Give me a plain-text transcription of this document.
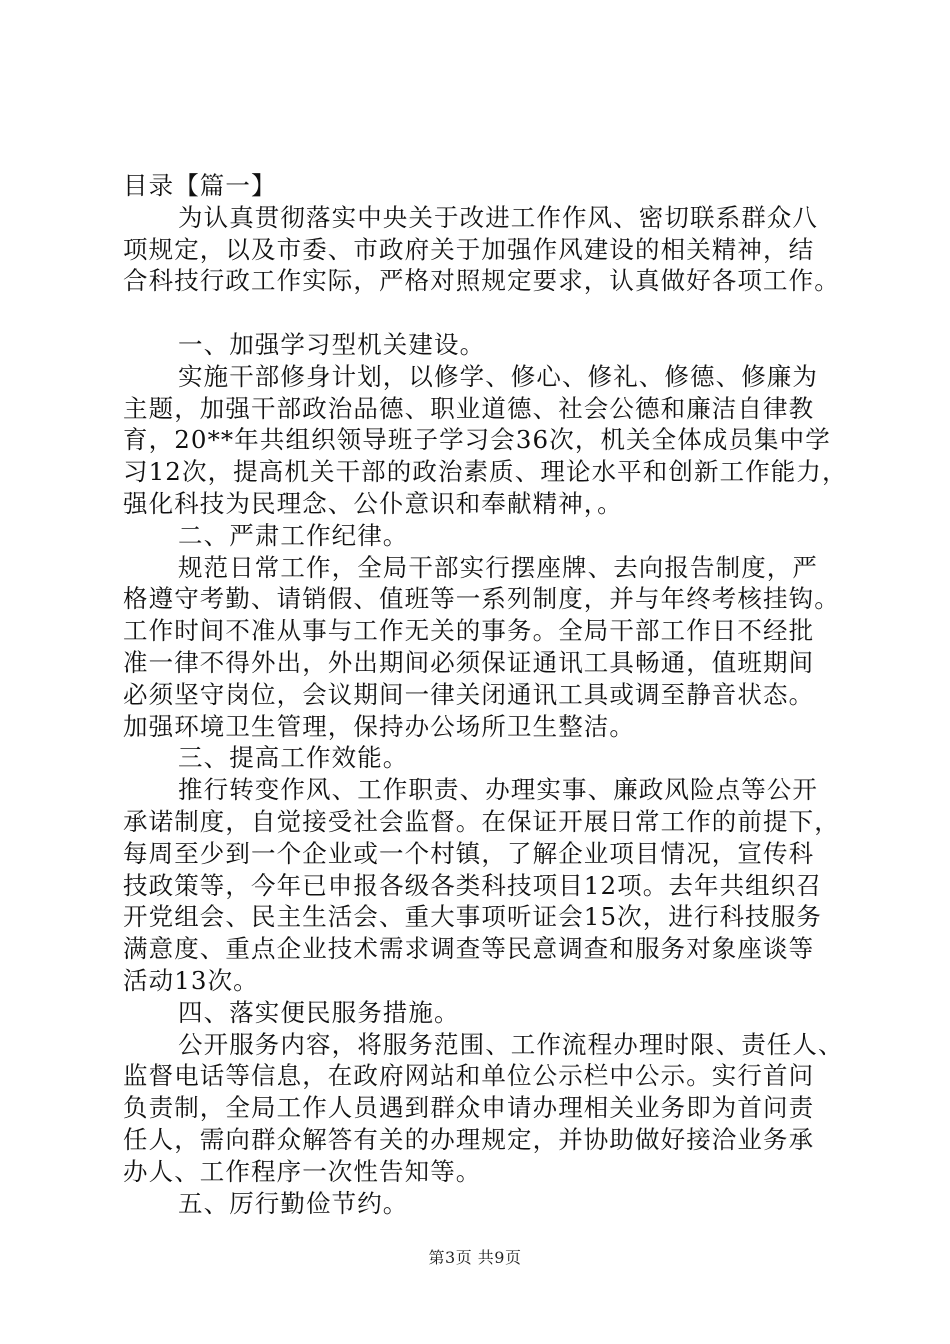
目录【篇一】
为认真贯彻落实中央关于改进工作作风、密切联系群众八
项规定，以及市委、市政府关于加强作风建设的相关精神，结
合科技行政工作实际，严格对照规定要求，认真做好各项工作。
一、加强学习型机关建设。
实施干部修身计划，以修学、修心、修礼、修德、修廉为
主题，加强干部政治品德、职业道德、社会公德和廉洁自律教
育，20**年共组织领导班子学习会36次，机关全体成员集中学
习12次，提高机关干部的政治素质、理论水平和创新工作能力，
强化科技为民理念、公仆意识和奉献精神，。
二、严肃工作纪律。
规范日常工作，全局干部实行摆座牌、去向报告制度，严
格遵守考勤、请销假、值班等一系列制度，并与年终考核挂钩。
工作时间不准从事与工作无关的事务。全局干部工作日不经批
准一律不得外出，外出期间必须保证通讯工具畅通，值班期间
必须坚守岗位，会议期间一律关闭通讯工具或调至静音状态。
加强环境卫生管理，保持办公场所卫生整洁。
三、提高工作效能。
推行转变作风、工作职责、办理实事、廉政风险点等公开
承诺制度，自觉接受社会监督。在保证开展日常工作的前提下，
每周至少到一个企业或一个村镇，了解企业项目情况，宣传科
技政策等，今年已申报各级各类科技项目12项。去年共组织召
开党组会、民主生活会、重大事项听证会15次，进行科技服务
满意度、重点企业技术需求调查等民意调查和服务对象座谈等
活动13次。
四、落实便民服务措施。
公开服务内容，将服务范围、工作流程办理时限、责任人、
监督电话等信息，在政府网站和单位公示栏中公示。实行首问
负责制，全局工作人员遇到群众申请办理相关业务即为首问责
任人，需向群众解答有关的办理规定，并协助做好接洽业务承
办人、工作程序一次性告知等。
五、厉行勤俭节约。
第3页 共9页
